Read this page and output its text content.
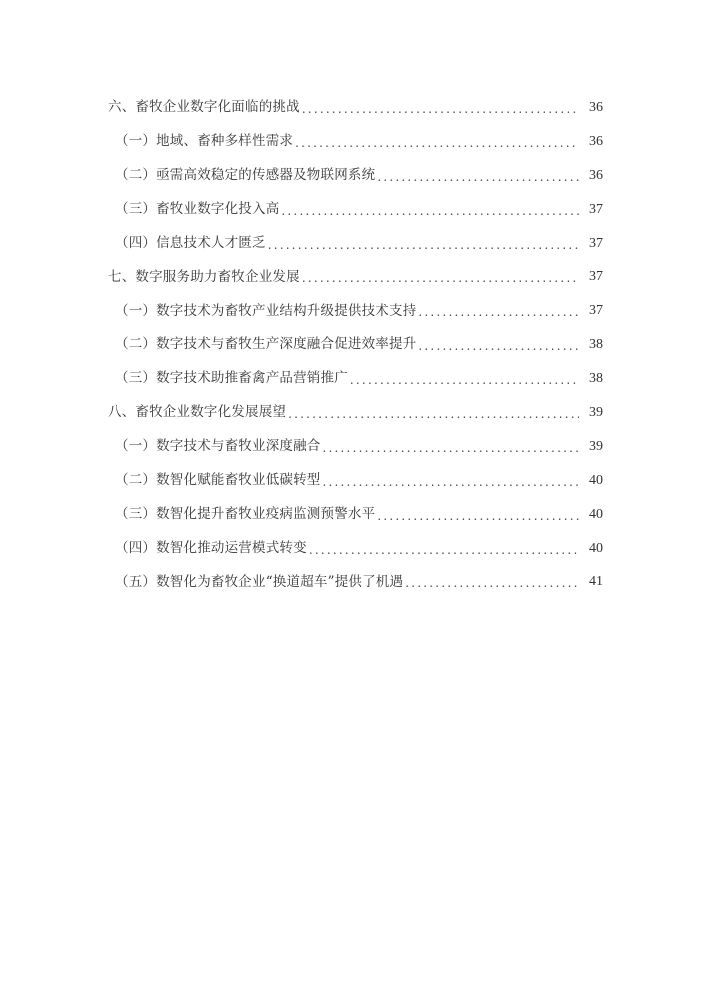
六、畜牧企业数字化面临的挑战 .....	36
（一）地域、畜种多样性需求 .....	36
（二）亟需高效稳定的传感器及物联网系统 .....	36
（三）畜牧业数字化投入高 .....	37
（四）信息技术人才匮乏 .....	37
七、数字服务助力畜牧企业发展 .....	37
（一）数字技术为畜牧产业结构升级提供技术支持 .....	37
（二）数字技术与畜牧生产深度融合促进效率提升 .....	38
（三）数字技术助推畜禽产品营销推广 .....	38
八、畜牧企业数字化发展展望 .....	39
（一）数字技术与畜牧业深度融合 .....	39
（二）数智化赋能畜牧业低碳转型 .....	40
（三）数智化提升畜牧业疫病监测预警水平 .....	40
（四）数智化推动运营模式转变 .....	40
（五）数智化为畜牧企业“换道超车”提供了机遇 .....	41
